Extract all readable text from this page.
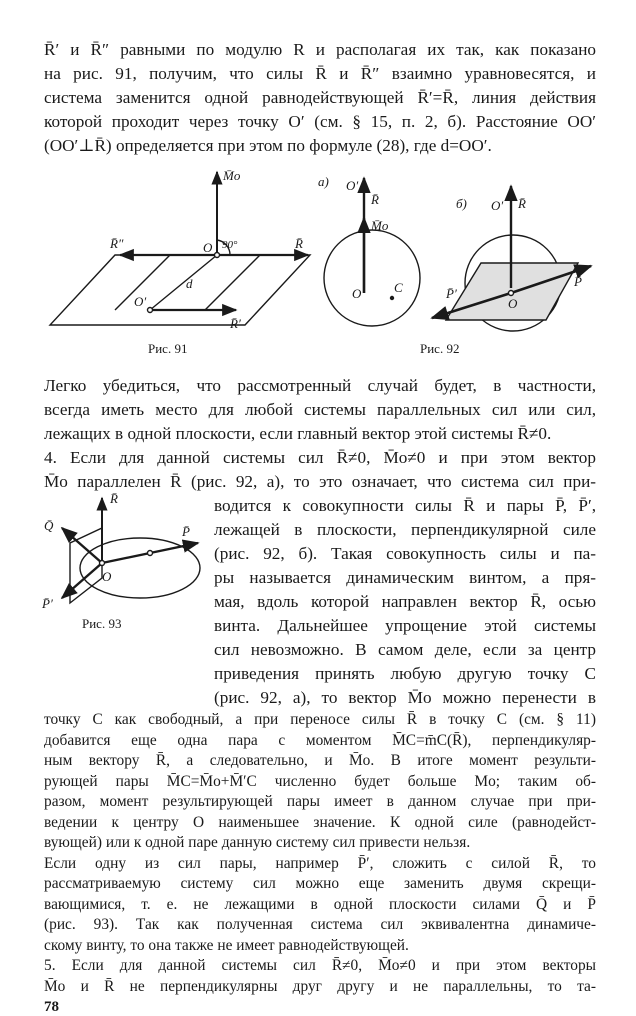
R̄′ и R̄″ равными по модулю R и располагая их так, как показано
на рис. 91, получим, что силы R̄ и R̄″ взаимно уравновесятся, и
система заменится одной равнодействующей R̄′=R̄, линия действия
которой проходит через точку O′ (см. § 15, п. 2, б). Расстояние OO′
(OO′⊥R̄) определяется при этом по формуле (28), где d=OO′.
M̄o
R̄″	O 90°	R̄
O′
d
R̄′
Рис. 91
а) O′
R̄
M̄o
O	C
б) O′ R̄
P̄′
O
P̄
Рис. 92
Легко убедиться, что рассмотренный случай будет, в частности,
всегда иметь место для любой системы параллельных сил или сил,
лежащих в одной плоскости, если главный вектор этой системы R̄≠0.
4. Если для данной системы сил R̄≠0, M̄o≠0 и при этом вектор
M̄o параллелен R̄ (рис. 92, а), то это означает, что система сил при-
R̄
Q̄	P̄
O
P̄′
Рис. 93
водится к совокупности силы R̄ и пары P̄, P̄′,
лежащей в плоскости, перпендикулярной силе
(рис. 92, б). Такая совокупность силы и па-
ры называется динамическим винтом, а пря-
мая, вдоль которой направлен вектор R̄, осью
винта. Дальнейшее упрощение этой системы
сил невозможно. В самом деле, если за центр
приведения принять любую другую точку C
(рис. 92, а), то вектор M̄o можно перенести в
точку C как свободный, а при переносе силы R̄ в точку C (см. § 11)
добавится еще одна пара с моментом M̄C=m̄C(R̄), перпендикуляр-
ным вектору R̄, а следовательно, и M̄o. В итоге момент результи-
рующей пары M̄C=M̄o+M̄′C численно будет больше Mo; таким об-
разом, момент результирующей пары имеет в данном случае при при-
ведении к центру O наименьшее значение. К одной силе (равнодейст-
вующей) или к одной паре данную систему сил привести нельзя.
Если одну из сил пары, например P̄′, сложить с силой R̄, то
рассматриваемую систему сил можно еще заменить двумя скрещи-
вающимися, т. е. не лежащими в одной плоскости силами Q̄ и P̄
(рис. 93). Так как полученная система сил эквивалентна динамиче-
скому винту, то она также не имеет равнодействующей.
5. Если для данной системы сил R̄≠0, M̄o≠0 и при этом векторы
M̄o и R̄ не перпендикулярны друг другу и не параллельны, то та-
78
